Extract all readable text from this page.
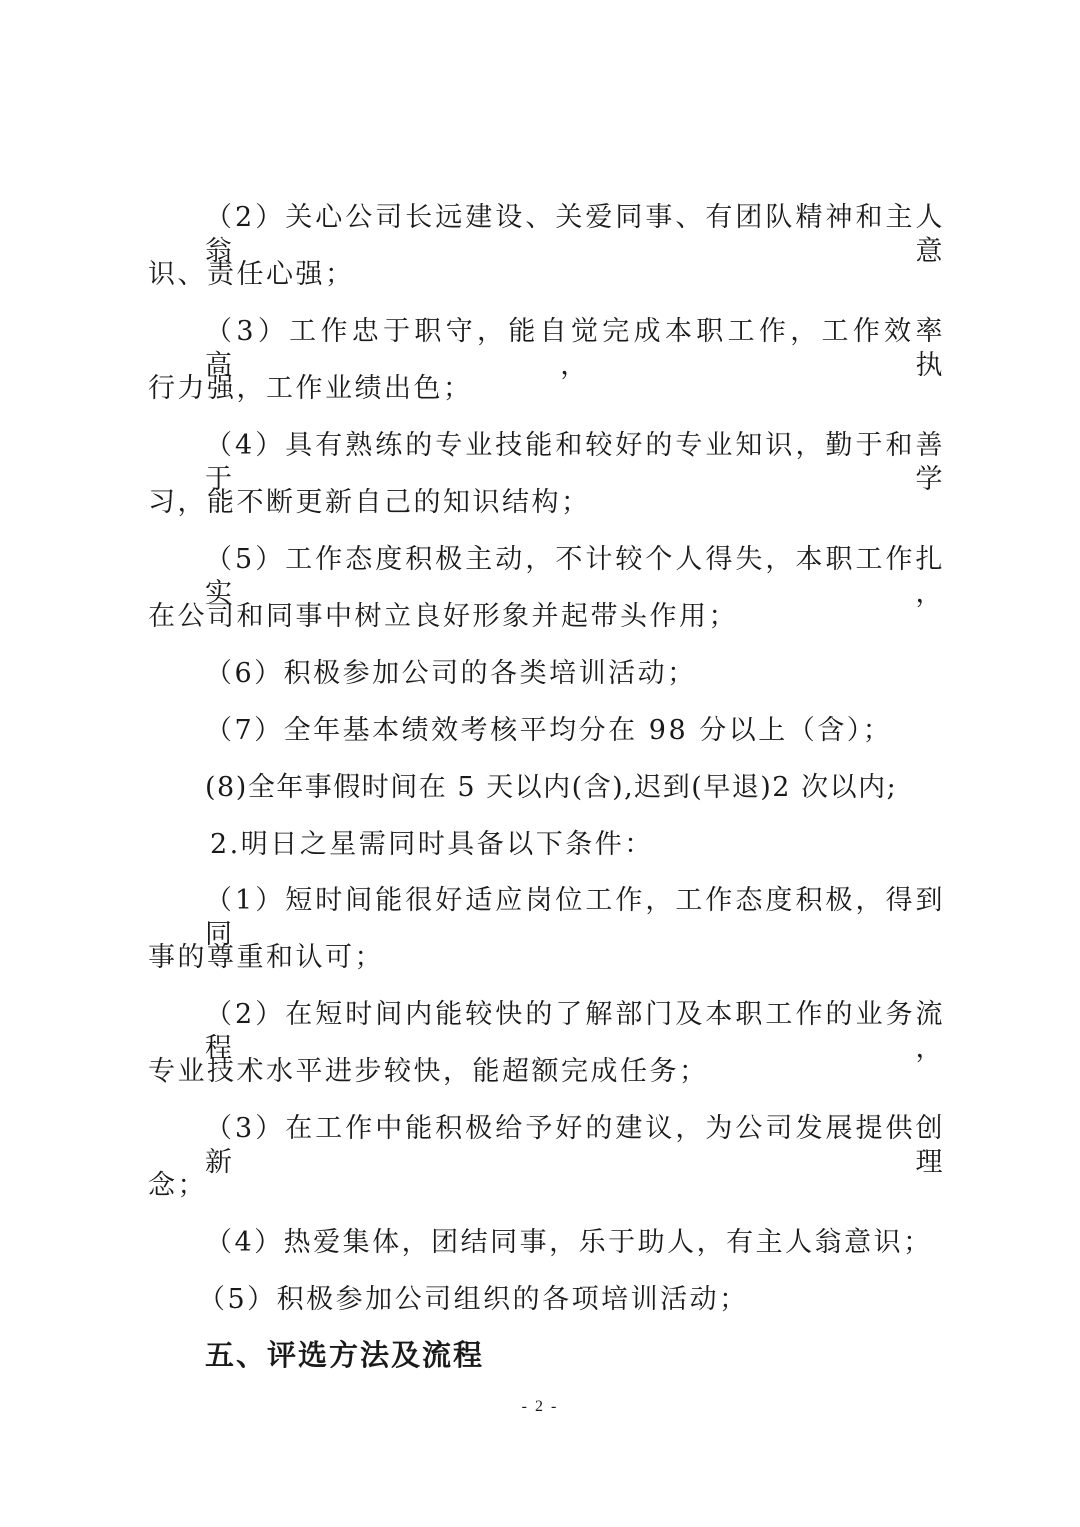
（2）关心公司长远建设、关爱同事、有团队精神和主人翁意
识、责任心强；
（3）工作忠于职守，能自觉完成本职工作，工作效率高，执
行力强，工作业绩出色；
（4）具有熟练的专业技能和较好的专业知识，勤于和善于学
习，能不断更新自己的知识结构；
（5）工作态度积极主动，不计较个人得失，本职工作扎实，
在公司和同事中树立良好形象并起带头作用；
（6）积极参加公司的各类培训活动；
（7）全年基本绩效考核平均分在 98 分以上（含）；
(8)全年事假时间在 5 天以内(含),迟到(早退)2 次以内;
2.明日之星需同时具备以下条件：
（1）短时间能很好适应岗位工作，工作态度积极，得到同
事的尊重和认可；
（2）在短时间内能较快的了解部门及本职工作的业务流程，
专业技术水平进步较快，能超额完成任务；
（3）在工作中能积极给予好的建议，为公司发展提供创新理
念；
（4）热爱集体，团结同事，乐于助人，有主人翁意识；
（5）积极参加公司组织的各项培训活动；
五、评选方法及流程
- 2 -
